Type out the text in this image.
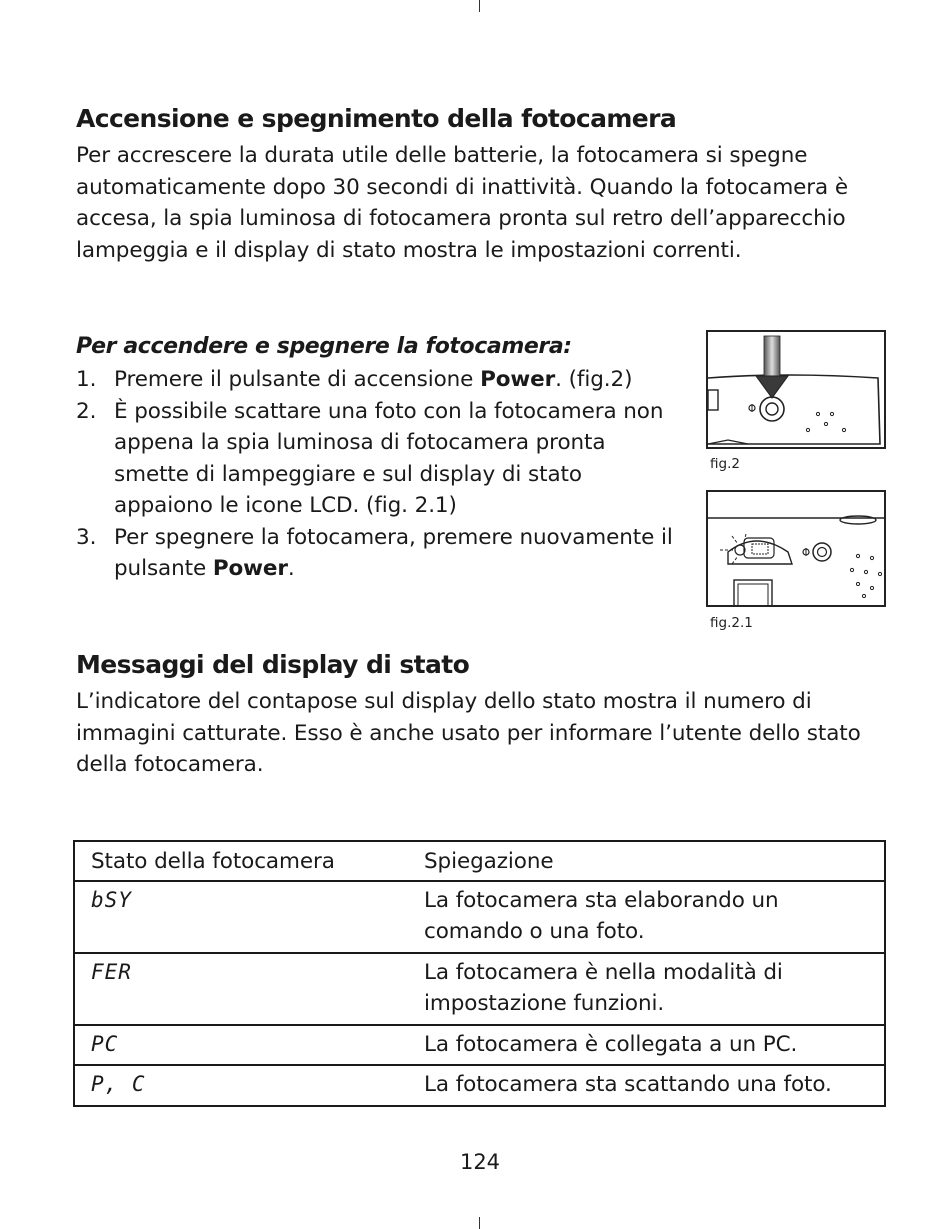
Accensione e spegnimento della fotocamera

Per accrescere la durata utile delle batterie, la fotocamera si spegne automaticamente dopo 30 secondi di inattività. Quando la fotocamera è accesa, la spia luminosa di fotocamera pronta sul retro dell’apparecchio lampeggia e il display di stato mostra le impostazioni correnti.

Per accendere e spegnere la fotocamera:
1. Premere il pulsante di accensione Power. (fig.2)
2. È possibile scattare una foto con la fotocamera non appena la spia luminosa di fotocamera pronta smette di lampeggiare e sul display di stato appaiono le icone LCD. (fig. 2.1)
3. Per spegnere la fotocamera, premere nuovamente il pulsante Power.
fig.2
fig.2.1
Messaggi del display di stato

L’indicatore del contapose sul display dello stato mostra il numero di immagini catturate. Esso è anche usato per informare l’utente dello stato della fotocamera.

Stato della fotocamera	Spiegazione
bSY	La fotocamera sta elaborando un comando o una foto.
FER	La fotocamera è nella modalità di impostazione funzioni.
PC	La fotocamera è collegata a un PC.
P, C	La fotocamera sta scattando una foto.
124
